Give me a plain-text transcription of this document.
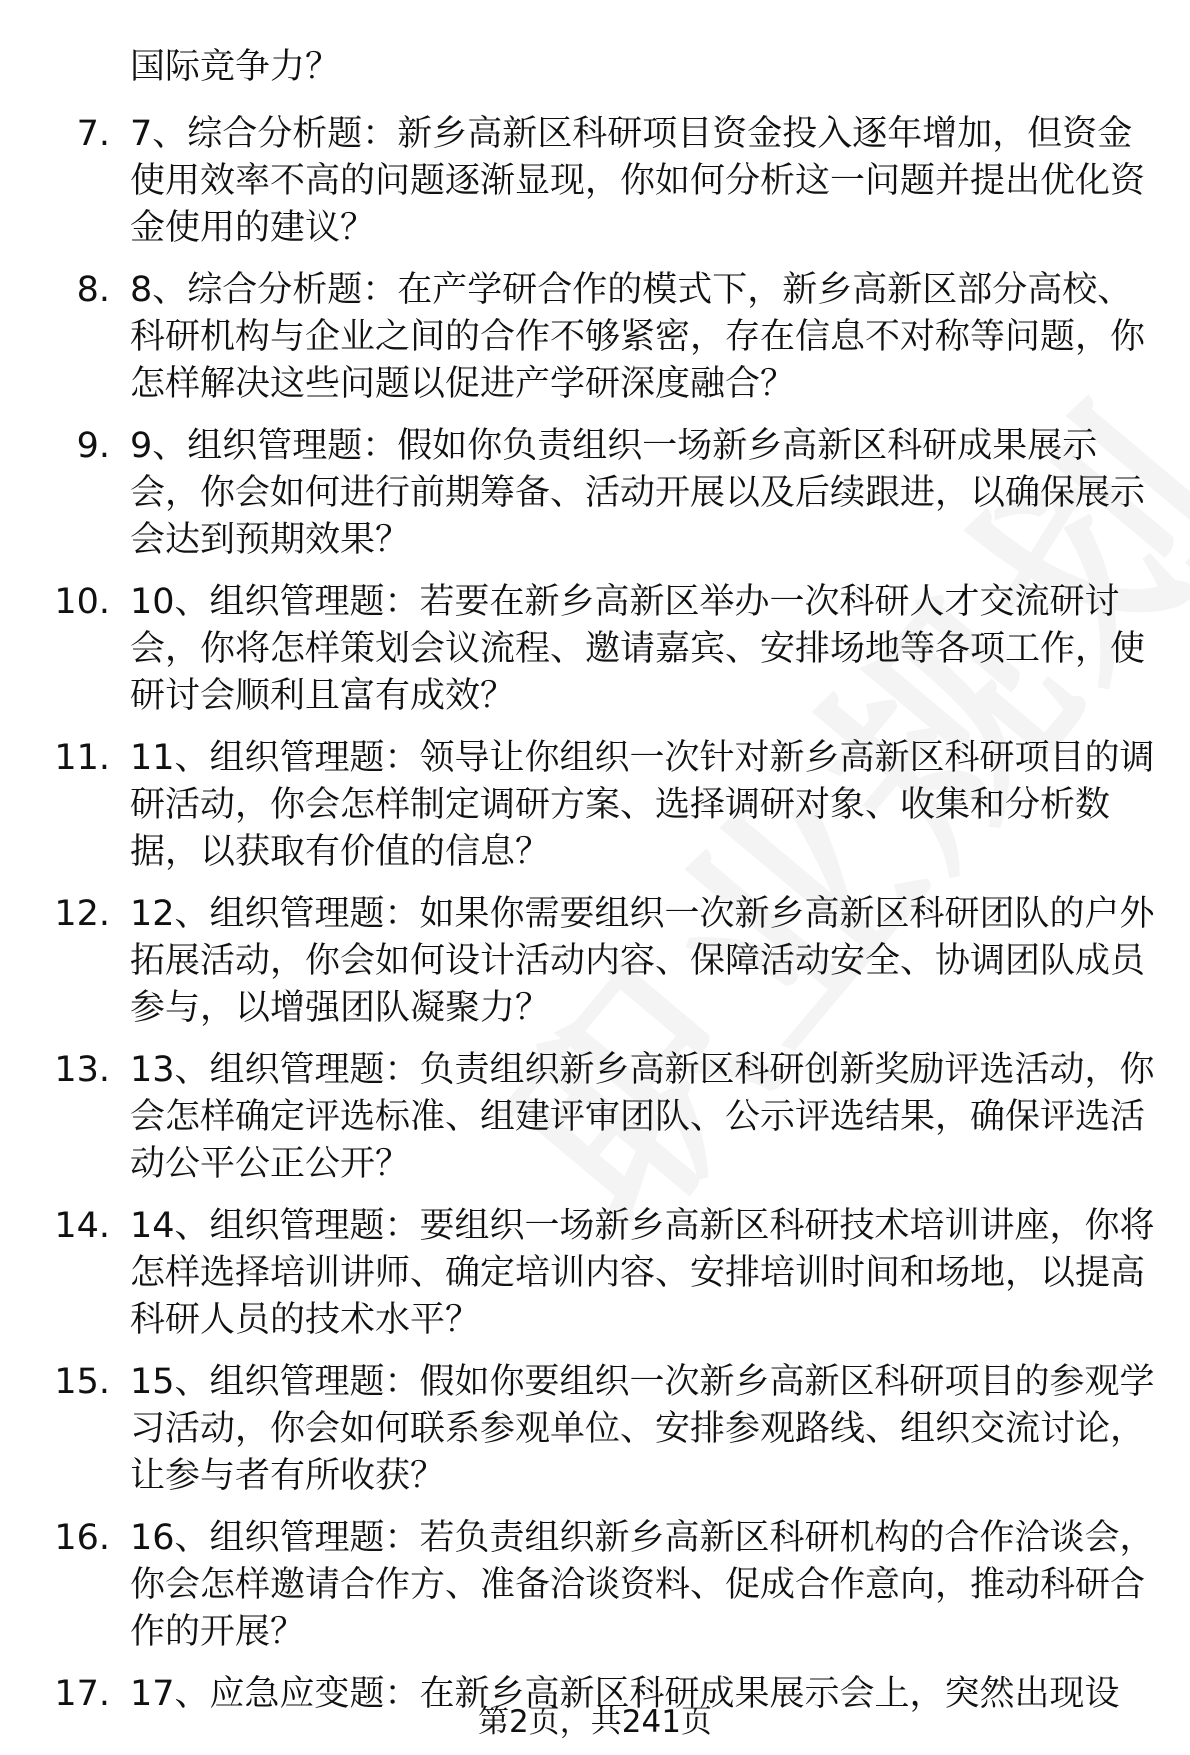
国际竞争力？
7. 7、综合分析题：新乡高新区科研项目资金投入逐年增加，但资金使用效率不高的问题逐渐显现，你如何分析这一问题并提出优化资金使用的建议？
8. 8、综合分析题：在产学研合作的模式下，新乡高新区部分高校、科研机构与企业之间的合作不够紧密，存在信息不对称等问题，你怎样解决这些问题以促进产学研深度融合？
9. 9、组织管理题：假如你负责组织一场新乡高新区科研成果展示会，你会如何进行前期筹备、活动开展以及后续跟进，以确保展示会达到预期效果？
10. 10、组织管理题：若要在新乡高新区举办一次科研人才交流研讨会，你将怎样策划会议流程、邀请嘉宾、安排场地等各项工作，使研讨会顺利且富有成效？
11. 11、组织管理题：领导让你组织一次针对新乡高新区科研项目的调研活动，你会怎样制定调研方案、选择调研对象、收集和分析数据，以获取有价值的信息？
12. 12、组织管理题：如果你需要组织一次新乡高新区科研团队的户外拓展活动，你会如何设计活动内容、保障活动安全、协调团队成员参与，以增强团队凝聚力？
13. 13、组织管理题：负责组织新乡高新区科研创新奖励评选活动，你会怎样确定评选标准、组建评审团队、公示评选结果，确保评选活动公平公正公开？
14. 14、组织管理题：要组织一场新乡高新区科研技术培训讲座，你将怎样选择培训讲师、确定培训内容、安排培训时间和场地，以提高科研人员的技术水平？
15. 15、组织管理题：假如你要组织一次新乡高新区科研项目的参观学习活动，你会如何联系参观单位、安排参观路线、组织交流讨论，让参与者有所收获？
16. 16、组织管理题：若负责组织新乡高新区科研机构的合作洽谈会，你会怎样邀请合作方、准备洽谈资料、促成合作意向，推动科研合作的开展？
17. 17、应急应变题：在新乡高新区科研成果展示会上，突然出现设
第2页，共241页
